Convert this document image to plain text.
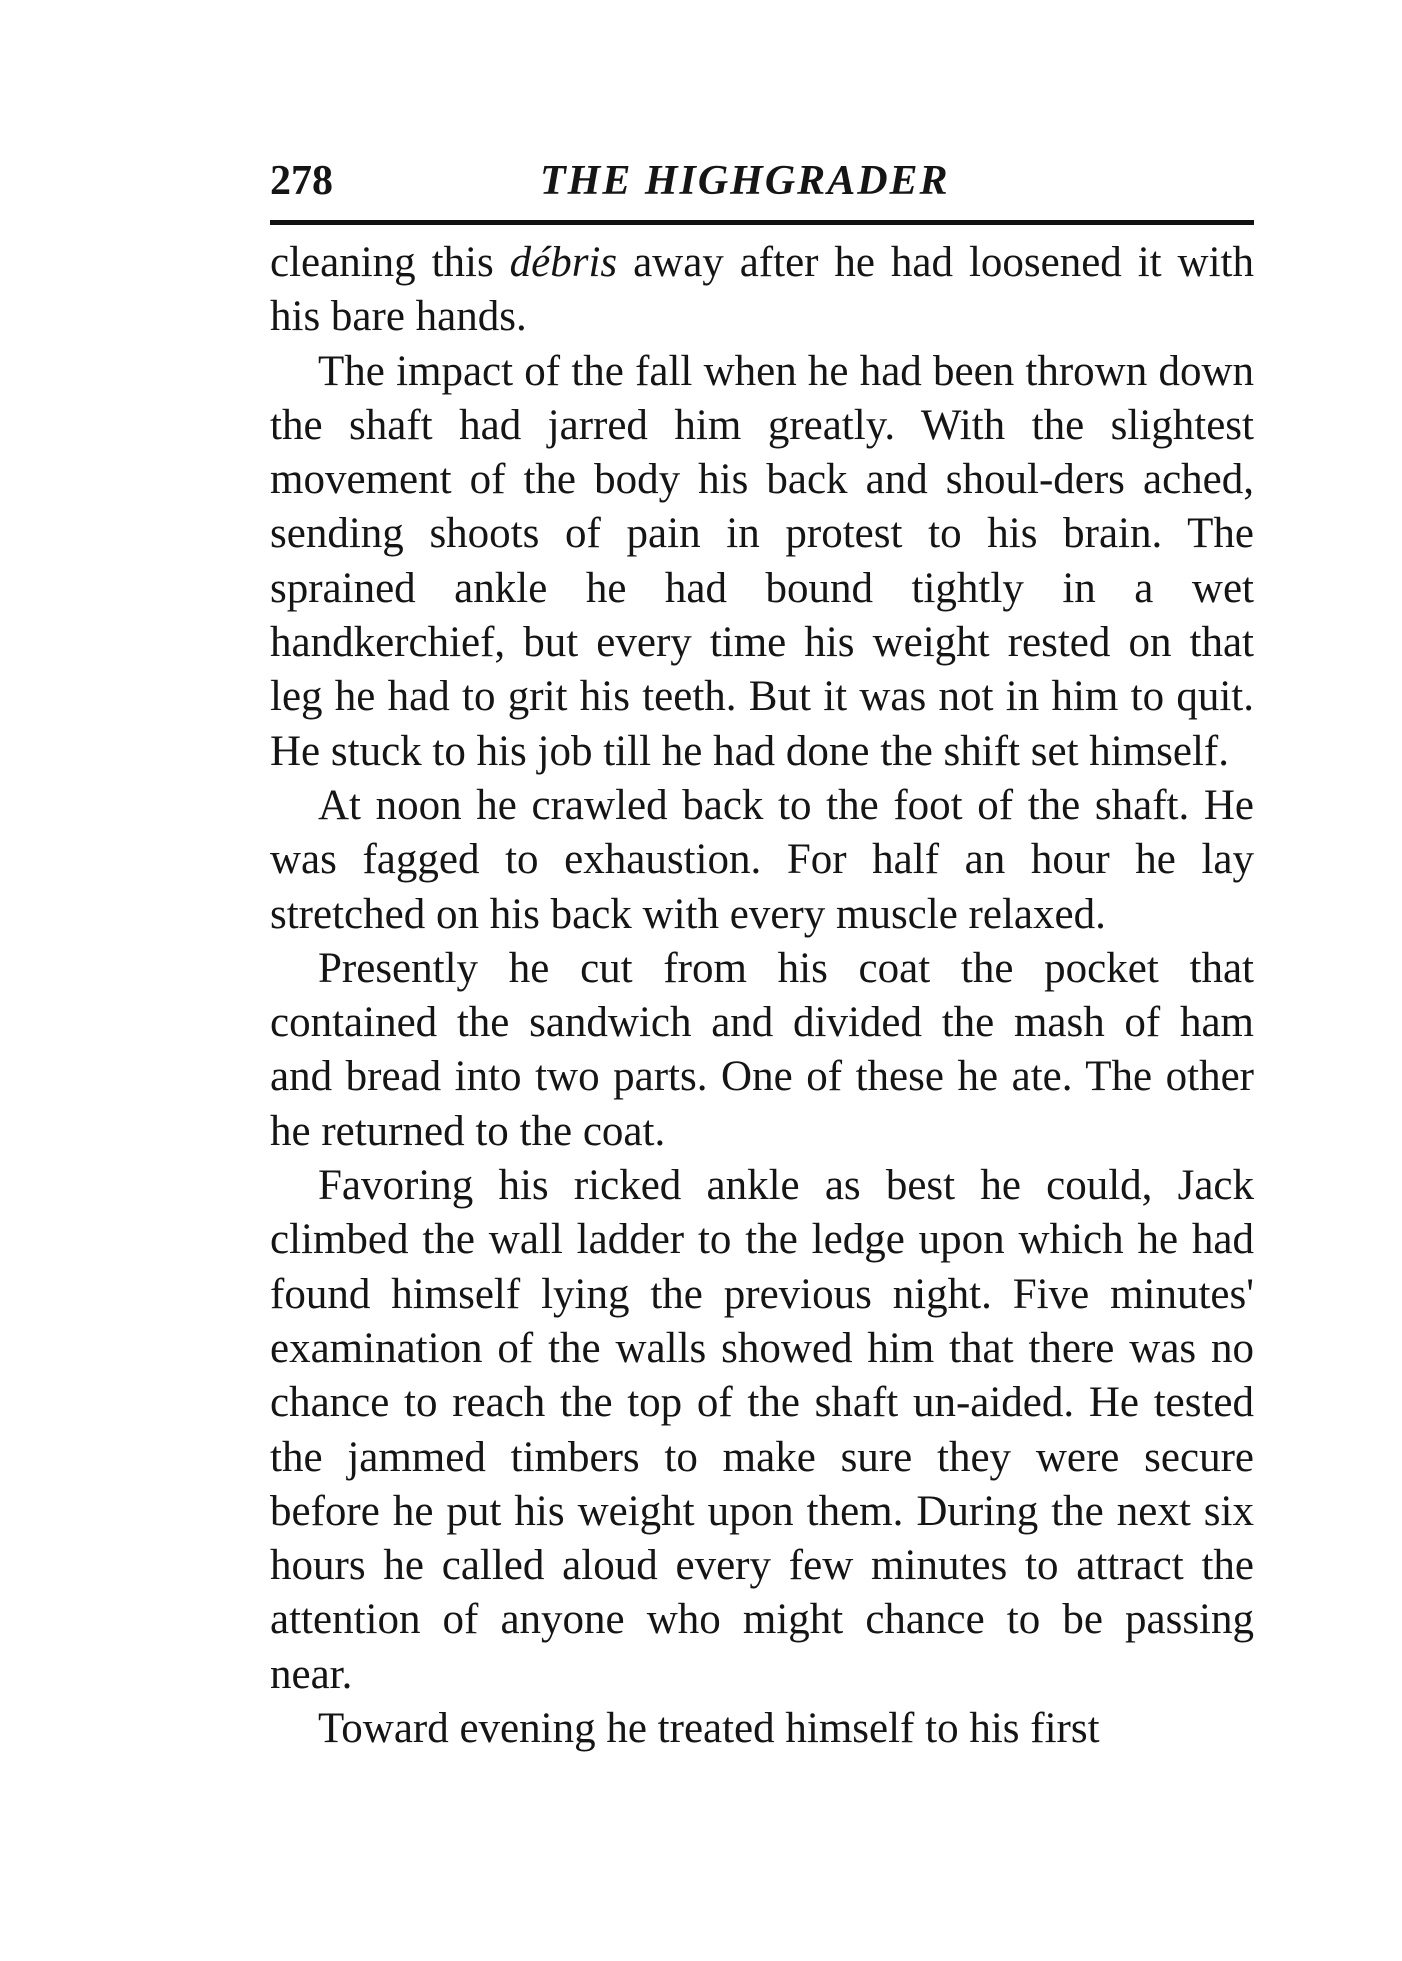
278	THE HIGHGRADER

cleaning this débris away after he had loosened it with his bare hands.

The impact of the fall when he had been thrown down the shaft had jarred him greatly. With the slightest movement of the body his back and shoul-ders ached, sending shoots of pain in protest to his brain. The sprained ankle he had bound tightly in a wet handkerchief, but every time his weight rested on that leg he had to grit his teeth. But it was not in him to quit. He stuck to his job till he had done the shift set himself.

At noon he crawled back to the foot of the shaft. He was fagged to exhaustion. For half an hour he lay stretched on his back with every muscle relaxed.

Presently he cut from his coat the pocket that contained the sandwich and divided the mash of ham and bread into two parts. One of these he ate. The other he returned to the coat.

Favoring his ricked ankle as best he could, Jack climbed the wall ladder to the ledge upon which he had found himself lying the previous night. Five minutes' examination of the walls showed him that there was no chance to reach the top of the shaft un-aided. He tested the jammed timbers to make sure they were secure before he put his weight upon them. During the next six hours he called aloud every few minutes to attract the attention of anyone who might chance to be passing near.

Toward evening he treated himself to his first
